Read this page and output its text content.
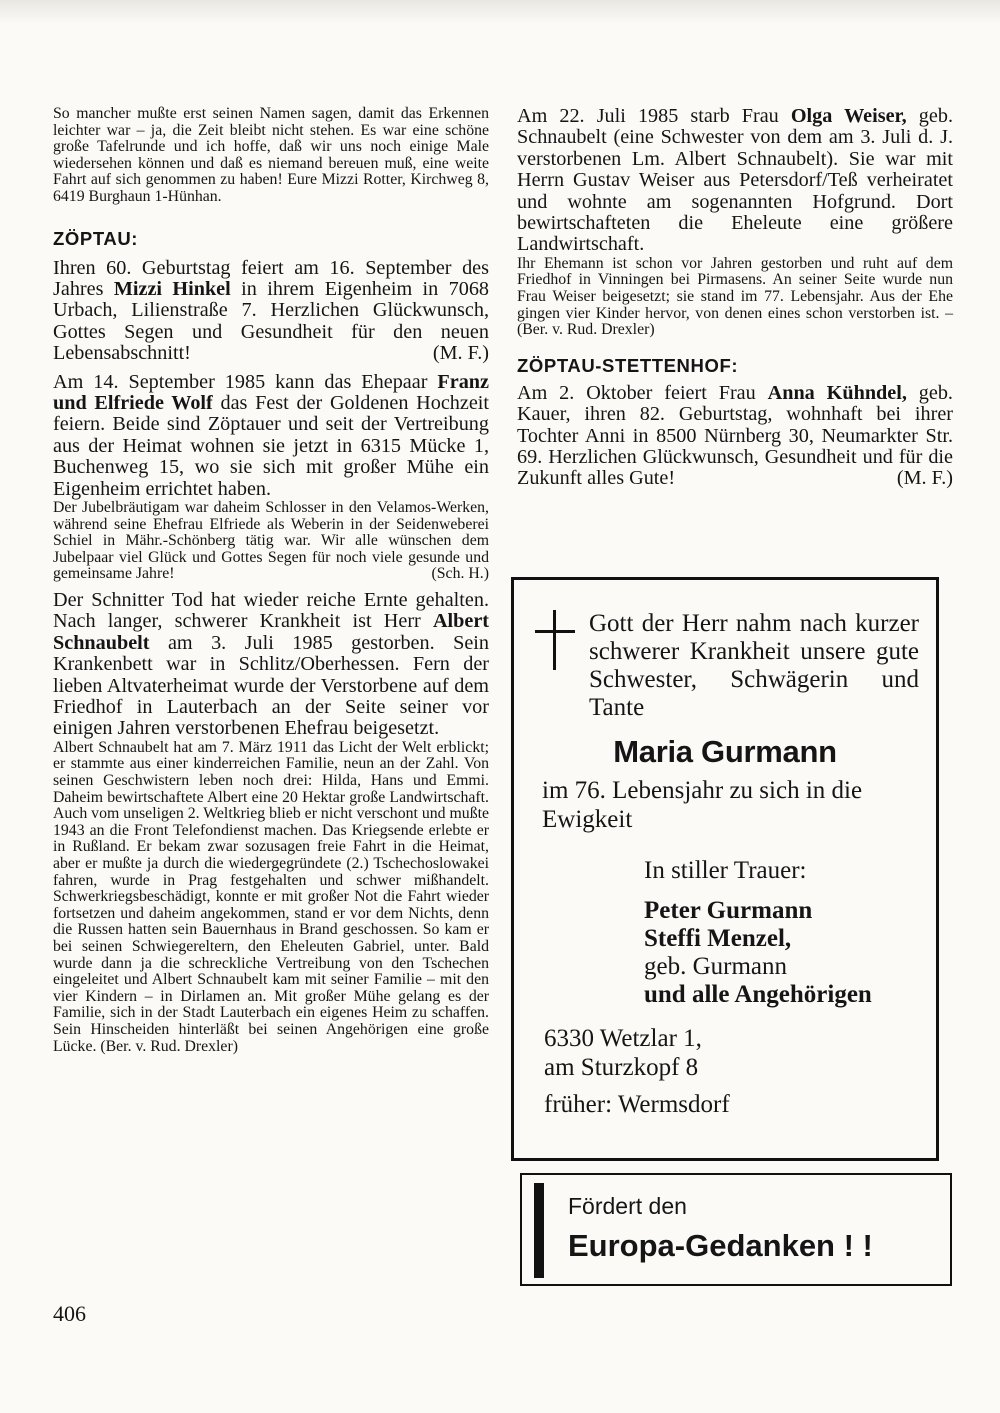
So mancher mußte erst seinen Namen sagen, damit das Erkennen leichter war – ja, die Zeit bleibt nicht stehen. Es war eine schöne große Tafelrunde und ich hoffe, daß wir uns noch einige Male wiedersehen können und daß es niemand bereuen muß, eine weite Fahrt auf sich genommen zu haben! Eure Mizzi Rotter, Kirchweg 8, 6419 Burghaun 1-Hünhan.

ZÖPTAU:

Ihren 60. Geburtstag feiert am 16. September des Jahres Mizzi Hinkel in ihrem Eigenheim in 7068 Urbach, Lilienstraße 7. Herzlichen Glückwunsch, Gottes Segen und Gesundheit für den neuen Lebensabschnitt!	(M. F.)

Am 14. September 1985 kann das Ehepaar Franz und Elfriede Wolf das Fest der Goldenen Hochzeit feiern. Beide sind Zöptauer und seit der Vertreibung aus der Heimat wohnen sie jetzt in 6315 Mücke 1, Buchenweg 15, wo sie sich mit großer Mühe ein Eigenheim errichtet haben.

Der Jubelbräutigam war daheim Schlosser in den Velamos-Werken, während seine Ehefrau Elfriede als Weberin in der Seidenweberei Schiel in Mähr.-Schönberg tätig war. Wir alle wünschen dem Jubelpaar viel Glück und Gottes Segen für noch viele gesunde und gemeinsame Jahre!	(Sch. H.)

Der Schnitter Tod hat wieder reiche Ernte gehalten. Nach langer, schwerer Krankheit ist Herr Albert Schnaubelt am 3. Juli 1985 gestorben. Sein Krankenbett war in Schlitz/Oberhessen. Fern der lieben Altvaterheimat wurde der Verstorbene auf dem Friedhof in Lauterbach an der Seite seiner vor einigen Jahren verstorbenen Ehefrau beigesetzt.

Albert Schnaubelt hat am 7. März 1911 das Licht der Welt erblickt; er stammte aus einer kinderreichen Familie, neun an der Zahl. Von seinen Geschwistern leben noch drei: Hilda, Hans und Emmi. Daheim bewirtschaftete Albert eine 20 Hektar große Landwirtschaft. Auch vom unseligen 2. Weltkrieg blieb er nicht verschont und mußte 1943 an die Front Telefondienst machen. Das Kriegsende erlebte er in Rußland. Er bekam zwar sozusagen freie Fahrt in die Heimat, aber er mußte ja durch die wiedergegründete (2.) Tschechoslowakei fahren, wurde in Prag festgehalten und schwer mißhandelt. Schwerkriegsbeschädigt, konnte er mit großer Not die Fahrt wieder fortsetzen und daheim angekommen, stand er vor dem Nichts, denn die Russen hatten sein Bauernhaus in Brand geschossen. So kam er bei seinen Schwiegereltern, den Eheleuten Gabriel, unter. Bald wurde dann ja die schreckliche Vertreibung von den Tschechen eingeleitet und Albert Schnaubelt kam mit seiner Familie – mit den vier Kindern – in Dirlamen an. Mit großer Mühe gelang es der Familie, sich in der Stadt Lauterbach ein eigenes Heim zu schaffen. Sein Hinscheiden hinterläßt bei seinen Angehörigen eine große Lücke. (Ber. v. Rud. Drexler)

Am 22. Juli 1985 starb Frau Olga Weiser, geb. Schnaubelt (eine Schwester von dem am 3. Juli d. J. verstorbenen Lm. Albert Schnaubelt). Sie war mit Herrn Gustav Weiser aus Petersdorf/Teß verheiratet und wohnte am sogenannten Hofgrund. Dort bewirtschafteten die Eheleute eine größere Landwirtschaft.

Ihr Ehemann ist schon vor Jahren gestorben und ruht auf dem Friedhof in Vinningen bei Pirmasens. An seiner Seite wurde nun Frau Weiser beigesetzt; sie stand im 77. Lebensjahr. Aus der Ehe gingen vier Kinder hervor, von denen eines schon verstorben ist. – (Ber. v. Rud. Drexler)

ZÖPTAU-STETTENHOF:

Am 2. Oktober feiert Frau Anna Kühndel, geb. Kauer, ihren 82. Geburtstag, wohnhaft bei ihrer Tochter Anni in 8500 Nürnberg 30, Neumarkter Str. 69. Herzlichen Glückwunsch, Gesundheit und für die Zukunft alles Gute!	(M. F.)

Gott der Herr nahm nach kurzer schwerer Krankheit unsere gute Schwester, Schwägerin und Tante

Maria Gurmann

im 76. Lebensjahr zu sich in die Ewigkeit

In stiller Trauer:
Peter Gurmann
Steffi Menzel,
geb. Gurmann
und alle Angehörigen
6330 Wetzlar 1,
am Sturzkopf 8
früher: Wermsdorf
Fördert den
Europa-Gedanken ! !
406
